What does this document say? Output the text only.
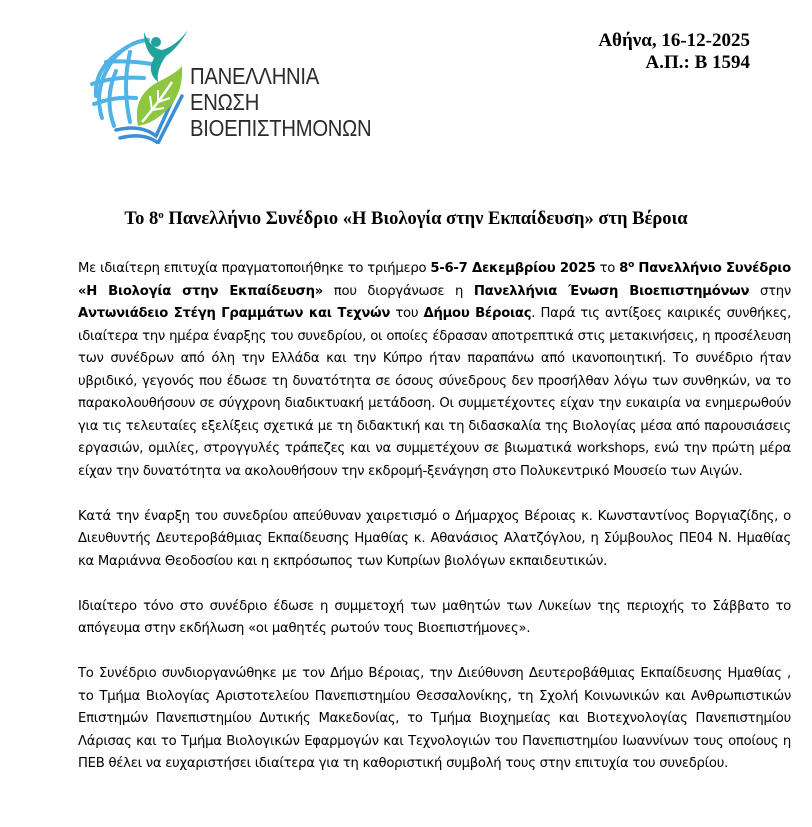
ΠΑΝΕΛΛΗΝΙΑ
ΕΝΩΣΗ
ΒΙΟΕΠΙΣΤΗΜΟΝΩΝ
Αθήνα, 16-12-2025
Α.Π.: Β 1594
Το $8^o$ Πανελλήνιο Συνέδριο «Η Βιολογία στην Εκπαίδευση» στη Βέροια

Με ιδιαίτερη επιτυχία πραγματοποιήθηκε το τριήμερο 5-6-7 Δεκεμβρίου 2025 το $8^o$ Πανελλήνιο Συνέδριο «Η Βιολογία στην Εκπαίδευση» που διοργάνωσε η Πανελλήνια Ένωση Βιοεπιστημόνων στην Αντωνιάδειο Στέγη Γραμμάτων και Τεχνών του Δήμου Βέροιας. Παρά τις αντίξοες καιρικές συνθήκες, ιδιαίτερα την ημέρα έναρξης του συνεδρίου, οι οποίες έδρασαν αποτρεπτικά στις μετακινήσεις, η προσέλευση των συνέδρων από όλη την Ελλάδα και την Κύπρο ήταν παραπάνω από ικανοποιητική. Το συνέδριο ήταν υβριδικό, γεγονός που έδωσε τη δυνατότητα σε όσους σύνεδρους δεν προσήλθαν λόγω των συνθηκών, να το παρακολουθήσουν σε σύγχρονη διαδικτυακή μετάδοση. Οι συμμετέχοντες είχαν την ευκαιρία να ενημερωθούν για τις τελευταίες εξελίξεις σχετικά με τη διδακτική και τη διδασκαλία της Βιολογίας μέσα από παρουσιάσεις εργασιών, ομιλίες, στρογγυλές τράπεζες και να συμμετέχουν σε βιωματικά workshops, ενώ την πρώτη μέρα είχαν την δυνατότητα να ακολουθήσουν την εκδρομή-ξενάγηση στο Πολυκεντρικό Μουσείο των Αιγών.

Κατά την έναρξη του συνεδρίου απεύθυναν χαιρετισμό ο Δήμαρχος Βέροιας κ. Κωνσταντίνος Βοργιαζίδης, ο Διευθυντής Δευτεροβάθμιας Εκπαίδευσης Ημαθίας κ. Αθανάσιος Αλατζόγλου, η Σύμβουλος ΠΕ04 Ν. Ημαθίας κα Μαριάννα Θεοδοσίου και η εκπρόσωπος των Κυπρίων βιολόγων εκπαιδευτικών.

Ιδιαίτερο τόνο στο συνέδριο έδωσε η συμμετοχή των μαθητών των Λυκείων της περιοχής το Σάββατο το απόγευμα στην εκδήλωση «οι μαθητές ρωτούν τους Βιοεπιστήμονες».

Το Συνέδριο συνδιοργανώθηκε με τον Δήμο Βέροιας, την Διεύθυνση Δευτεροβάθμιας Εκπαίδευσης Ημαθίας , το Τμήμα Βιολογίας Αριστοτελείου Πανεπιστημίου Θεσσαλονίκης, τη Σχολή Κοινωνικών και Ανθρωπιστικών Επιστημών Πανεπιστημίου Δυτικής Μακεδονίας, το Τμήμα Βιοχημείας και Βιοτεχνολογίας Πανεπιστημίου Λάρισας και το Τμήμα Βιολογικών Εφαρμογών και Τεχνολογιών του Πανεπιστημίου Ιωαννίνων τους οποίους η ΠΕΒ θέλει να ευχαριστήσει ιδιαίτερα για τη καθοριστική συμβολή τους στην επιτυχία του συνεδρίου.
